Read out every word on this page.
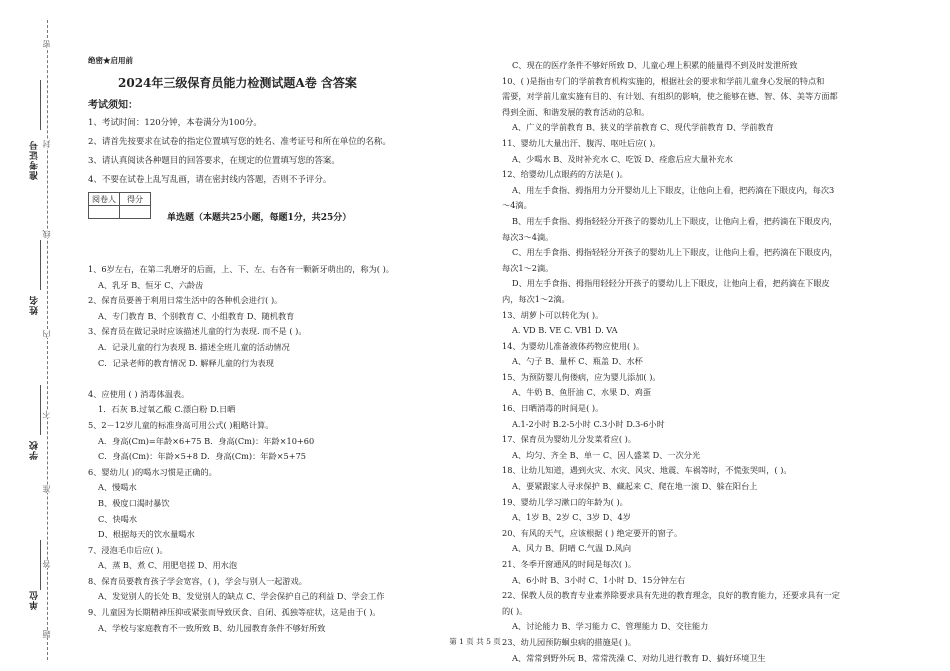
准考证号
姓名
学校
单位
密
封
线
内
不
准
答
题
绝密★启用前
2024年三级保育员能力检测试题A卷 含答案
考试须知：
1、考试时间：120分钟，本卷满分为100分。
2、请首先按要求在试卷的指定位置填写您的姓名、准考证号和所在单位的名称。
3、请认真阅读各种题目的回答要求，在规定的位置填写您的答案。
4、不要在试卷上乱写乱画，请在密封线内答题，否则不予评分。
阅卷人	得分

单选题（本题共25小题，每题1分，共25分）
1、6岁左右，在第二乳磨牙的后面，上、下、左、右各有一颗新牙萌出的，称为( )。
A、乳牙 B、恒牙 C、六龄齿
2、保育员要善于利用日常生活中的各种机会进行( )。
A、专门教育 B、个别教育 C、小组教育 D、随机教育
3、保育员在做记录时应该描述儿童的行为表现. 而不是 ( )。
A．记录儿童的行为表现 B. 描述全班儿童的活动情况
C．记录老师的教育情况 D. 解释儿童的行为表现
4、应使用 ( ) 消毒体温表。
1．石灰 B.过氧乙酸 C.漂白粉 D.日晒
5、2－12岁儿童的标准身高可用公式( )粗略计算。
A．身高(Cm)=年龄×6+75 B．身高(Cm)：年龄×10+60
C．身高(Cm)：年龄×5+8 D．身高(Cm)：年龄×5+75
6、婴幼儿( )的喝水习惯是正确的。
A、慢喝水
B、极度口渴时暴饮
C、快喝水
D、根据每天的饮水量喝水
7、浸泡毛巾后应( )。
A、蒸 B、煮 C、用肥皂搓 D、用水泡
8、保育员要教育孩子学会宽容，( )，学会与别人一起游戏。
A、发觉别人的长处 B、发觉别人的缺点 C、学会保护自己的利益 D、学会工作
9、儿童因为长期精神压抑或紧张而导致厌食、自闭、孤独等症状，这是由于( )。
A、学校与家庭教育不一致所致 B、幼儿园教育条件不够好所致
C、现在的医疗条件不够好所致 D、儿童心理上积累的能量得不到及时发泄所致
10、( )是指由专门的学前教育机构实施的，根据社会的要求和学前儿童身心发展的特点和
需要，对学前儿童实施有目的、有计划、有组织的影响，使之能够在德、智、体、美等方面都
得到全面、和谐发展的教育活动的总和。
A、广义的学前教育 B、狭义的学前教育 C、现代学前教育 D、学前教育
11、婴幼儿大量出汗、腹泻、呕吐后应( )。
A、少喝水 B、及时补充水 C、吃饭 D、痊愈后应大量补充水
12、给婴幼儿点眼药的方法是( )。
A、用左手食指、拇指用力分开婴幼儿上下眼皮，让他向上看，把药滴在下眼皮内，每次3
～4滴。
B、用左手食指、拇指轻轻分开孩子的婴幼儿上下眼皮，让他向上看，把药滴在下眼皮内，
每次3～4滴。
C、用左手食指、拇指轻轻分开孩子的婴幼儿上下眼皮，让他向上看，把药滴在下眼皮内，
每次1～2滴。
D、用左手食指、拇指用轻轻分开孩子的婴幼儿上下眼皮，让他向上看，把药滴在下眼皮
内，每次1～2滴。
13、胡萝卜可以转化为( )。
A. VD B. VE C. VB1 D. VA
14、为婴幼儿准备液体药物应使用( )。
A、勺子 B、量杯 C、瓶盖 D、水杯
15、为预防婴儿佝偻病，应为婴儿添加( )。
A、牛奶 B、鱼肝油 C、水果 D、鸡蛋
16、日晒消毒的时间是( )。
A.1-2小时 B.2-5小时 C.3小时 D.3-6小时
17、保育员为婴幼儿分发菜肴应( )。
A、均匀、齐全 B、单一 C、因人盛菜 D、一次分光
18、让幼儿知道，遇到火灾、水灾、风灾、地震、车祸等时，不慌张哭叫，( )。
A、要紧跟家人寻求保护 B、藏起来 C、爬在地一滚 D、躲在阳台上
19、婴幼儿学习漱口的年龄为( )。
A、1岁 B、2岁 C、3岁 D、4岁
20、有风的天气，应该根据 ( ) 绝定要开的窗子。
A、风力 B、阴晴 C.气温 D.风向
21、冬季开窗通风的时间是每次( )。
A、6小时 B、3小时 C、1小时 D、15分钟左右
22、保教人员的教育专业素养除要求具有先进的教育理念，良好的教育能力，还要求具有一定
的( )。
A、讨论能力 B、学习能力 C、管理能力 D、交往能力
23、幼儿园预防蛔虫病的措施是( )。
A、常常到野外玩 B、常常洗澡 C、对幼儿进行教育 D、搞好环境卫生
第 1 页 共 5 页
